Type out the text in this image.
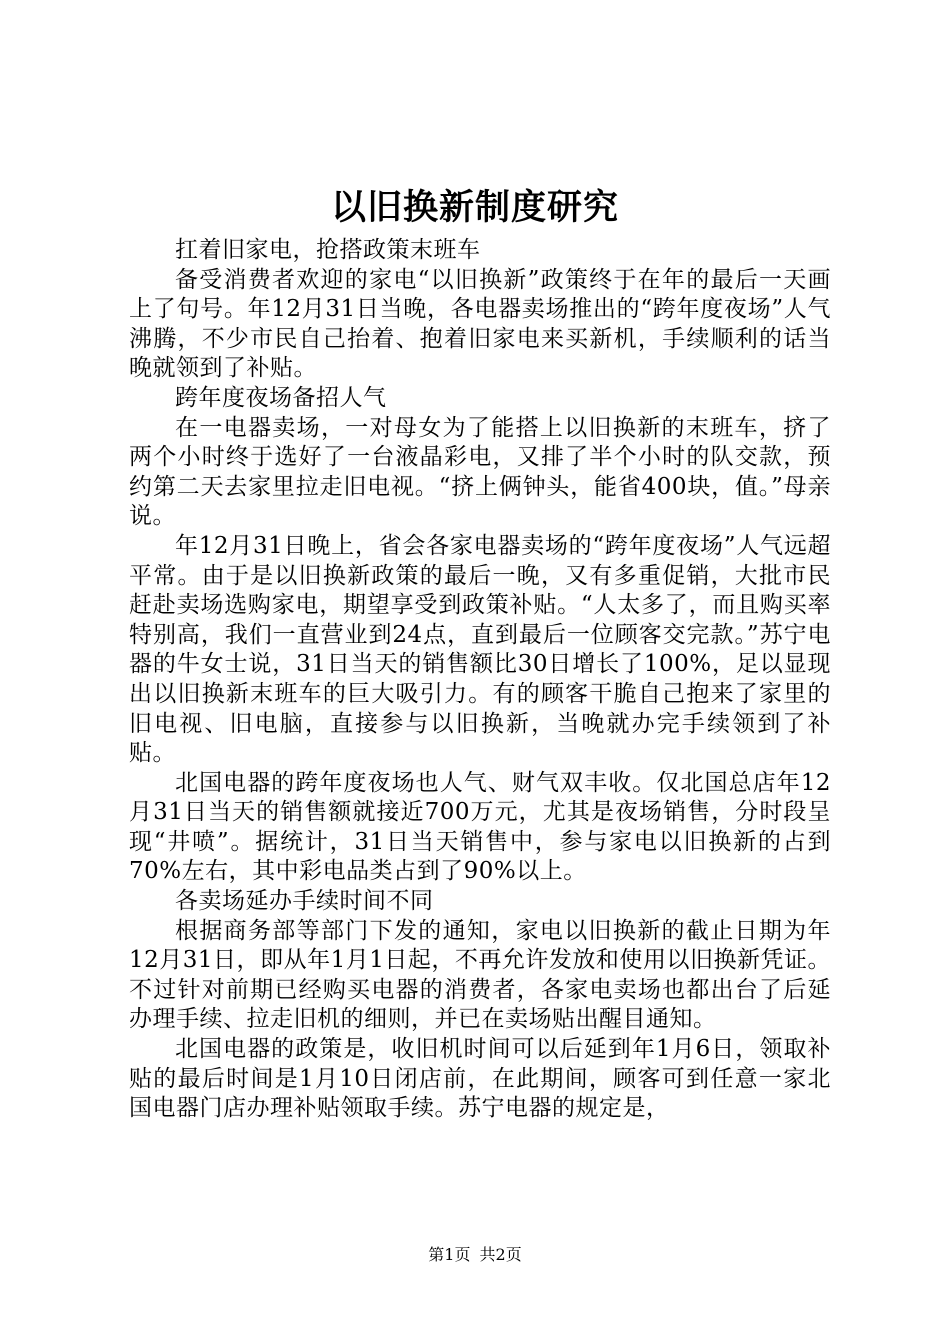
以旧换新制度研究

扛着旧家电，抢搭政策末班车

备受消费者欢迎的家电“以旧换新”政策终于在年的最后一天画上了句号。年12月31日当晚，各电器卖场推出的“跨年度夜场”人气沸腾，不少市民自己抬着、抱着旧家电来买新机，手续顺利的话当晚就领到了补贴。

跨年度夜场备招人气

在一电器卖场，一对母女为了能搭上以旧换新的末班车，挤了两个小时终于选好了一台液晶彩电，又排了半个小时的队交款，预约第二天去家里拉走旧电视。“挤上俩钟头，能省400块，值。”母亲说。

年12月31日晚上，省会各家电器卖场的“跨年度夜场”人气远超平常。由于是以旧换新政策的最后一晚，又有多重促销，大批市民赶赴卖场选购家电，期望享受到政策补贴。“人太多了，而且购买率特别高，我们一直营业到24点，直到最后一位顾客交完款。”苏宁电器的牛女士说，31日当天的销售额比30日增长了100%，足以显现出以旧换新末班车的巨大吸引力。有的顾客干脆自己抱来了家里的旧电视、旧电脑，直接参与以旧换新，当晚就办完手续领到了补贴。

北国电器的跨年度夜场也人气、财气双丰收。仅北国总店年12月31日当天的销售额就接近700万元，尤其是夜场销售，分时段呈现“井喷”。据统计，31日当天销售中，参与家电以旧换新的占到70%左右，其中彩电品类占到了90%以上。

各卖场延办手续时间不同

根据商务部等部门下发的通知，家电以旧换新的截止日期为年12月31日，即从年1月1日起，不再允许发放和使用以旧换新凭证。不过针对前期已经购买电器的消费者，各家电卖场也都出台了后延办理手续、拉走旧机的细则，并已在卖场贴出醒目通知。

北国电器的政策是，收旧机时间可以后延到年1月6日，领取补贴的最后时间是1月10日闭店前，在此期间，顾客可到任意一家北国电器门店办理补贴领取手续。苏宁电器的规定是，

第1页 共2页
